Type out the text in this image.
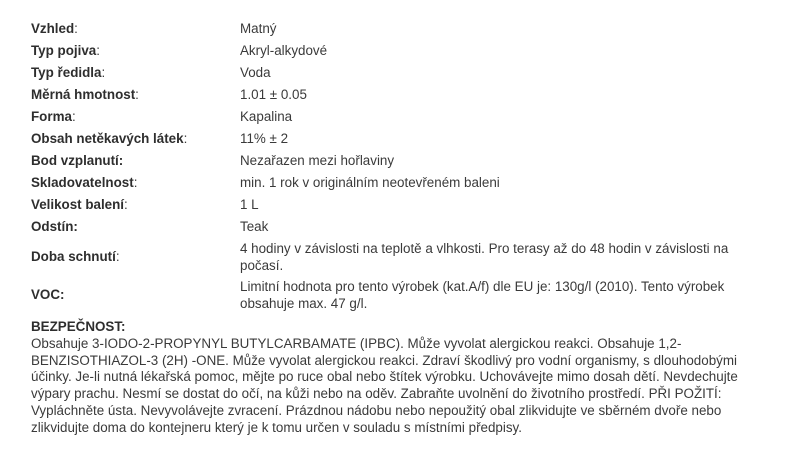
Vzhled:	Matný
Typ pojiva:	Akryl-alkydové
Typ ředidla:	Voda
Měrná hmotnost:	1.01 ± 0.05
Forma:	Kapalina
Obsah netěkavých látek:	11% ± 2
Bod vzplanutí:	Nezařazen mezi hořlaviny
Skladovatelnost:	min. 1 rok v originálním neotevřeném baleni
Velikost balení:	1 L
Odstín:	Teak
Doba schnutí:	4 hodiny v závislosti na teplotě a vlhkosti. Pro terasy až do 48 hodin v závislosti na počasí.
VOC:	Limitní hodnota pro tento výrobek (kat.A/f) dle EU je: 130g/l (2010). Tento výrobek obsahuje max. 47 g/l.
BEZPEČNOST:
Obsahuje 3-IODO-2-PROPYNYL BUTYLCARBAMATE (IPBC). Může vyvolat alergickou reakci. Obsahuje 1,2-BENZISOTHIAZOL-3 (2H) -ONE. Může vyvolat alergickou reakci. Zdraví škodlivý pro vodní organismy, s dlouhodobými účinky. Je-li nutná lékařská pomoc, mějte po ruce obal nebo štítek výrobku. Uchovávejte mimo dosah dětí. Nevdechujte výpary prachu. Nesmí se dostat do očí, na kůži nebo na oděv. Zabraňte uvolnění do životního prostředí. PŘI POŽITÍ: Vypláchněte ústa. Nevyvolávejte zvracení. Prázdnou nádobu nebo nepoužitý obal zlikvidujte ve sběrném dvoře nebo zlikvidujte doma do kontejneru který je k tomu určen v souladu s místními předpisy.
